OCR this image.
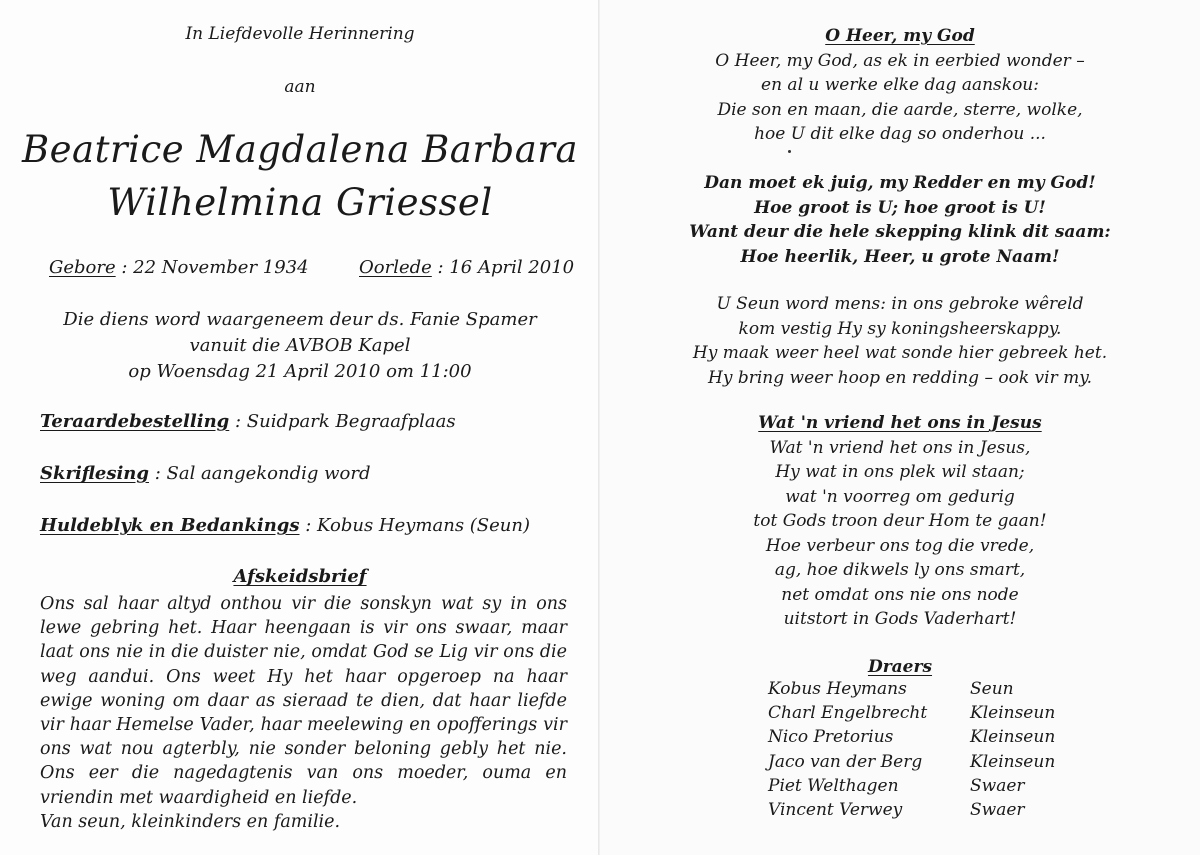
In Liefdevolle Herinnering
aan
Beatrice Magdalena Barbara
Wilhelmina Griessel
Gebore : 22 November 1934	Oorlede : 16 April 2010
Die diens word waargeneem deur ds. Fanie Spamer
vanuit die AVBOB Kapel
op Woensdag 21 April 2010 om 11:00
Teraardebestelling : Suidpark Begraafplaas
Skriflesing : Sal aangekondig word
Huldeblyk en Bedankings : Kobus Heymans (Seun)
Afskeidsbrief

Ons sal haar altyd onthou vir die sonskyn wat sy in ons lewe gebring het. Haar heengaan is vir ons swaar, maar laat ons nie in die duister nie, omdat God se Lig vir ons die weg aandui. Ons weet Hy het haar opgeroep na haar ewige woning om daar as sieraad te dien, dat haar liefde vir haar Hemelse Vader, haar meelewing en opofferings vir ons wat nou agterbly, nie sonder beloning gebly het nie. Ons eer die nagedagtenis van ons moeder, ouma en vriendin met waardigheid en liefde.

Van seun, kleinkinders en familie.

O Heer, my God
O Heer, my God, as ek in eerbied wonder –
en al u werke elke dag aanskou:
Die son en maan, die aarde, sterre, wolke,
hoe U dit elke dag so onderhou ...
Dan moet ek juig, my Redder en my God!
Hoe groot is U; hoe groot is U!
Want deur die hele skepping klink dit saam:
Hoe heerlik, Heer, u grote Naam!
U Seun word mens: in ons gebroke wêreld
kom vestig Hy sy koningsheerskappy.
Hy maak weer heel wat sonde hier gebreek het.
Hy bring weer hoop en redding – ook vir my.
Wat 'n vriend het ons in Jesus
Wat 'n vriend het ons in Jesus,
Hy wat in ons plek wil staan;
wat 'n voorreg om gedurig
tot Gods troon deur Hom te gaan!
Hoe verbeur ons tog die vrede,
ag, hoe dikwels ly ons smart,
net omdat ons nie ons node
uitstort in Gods Vaderhart!
Draers
Kobus Heymans	Seun
Charl Engelbrecht	Kleinseun
Nico Pretorius	Kleinseun
Jaco van der Berg	Kleinseun
Piet Welthagen	Swaer
Vincent Verwey	Swaer
